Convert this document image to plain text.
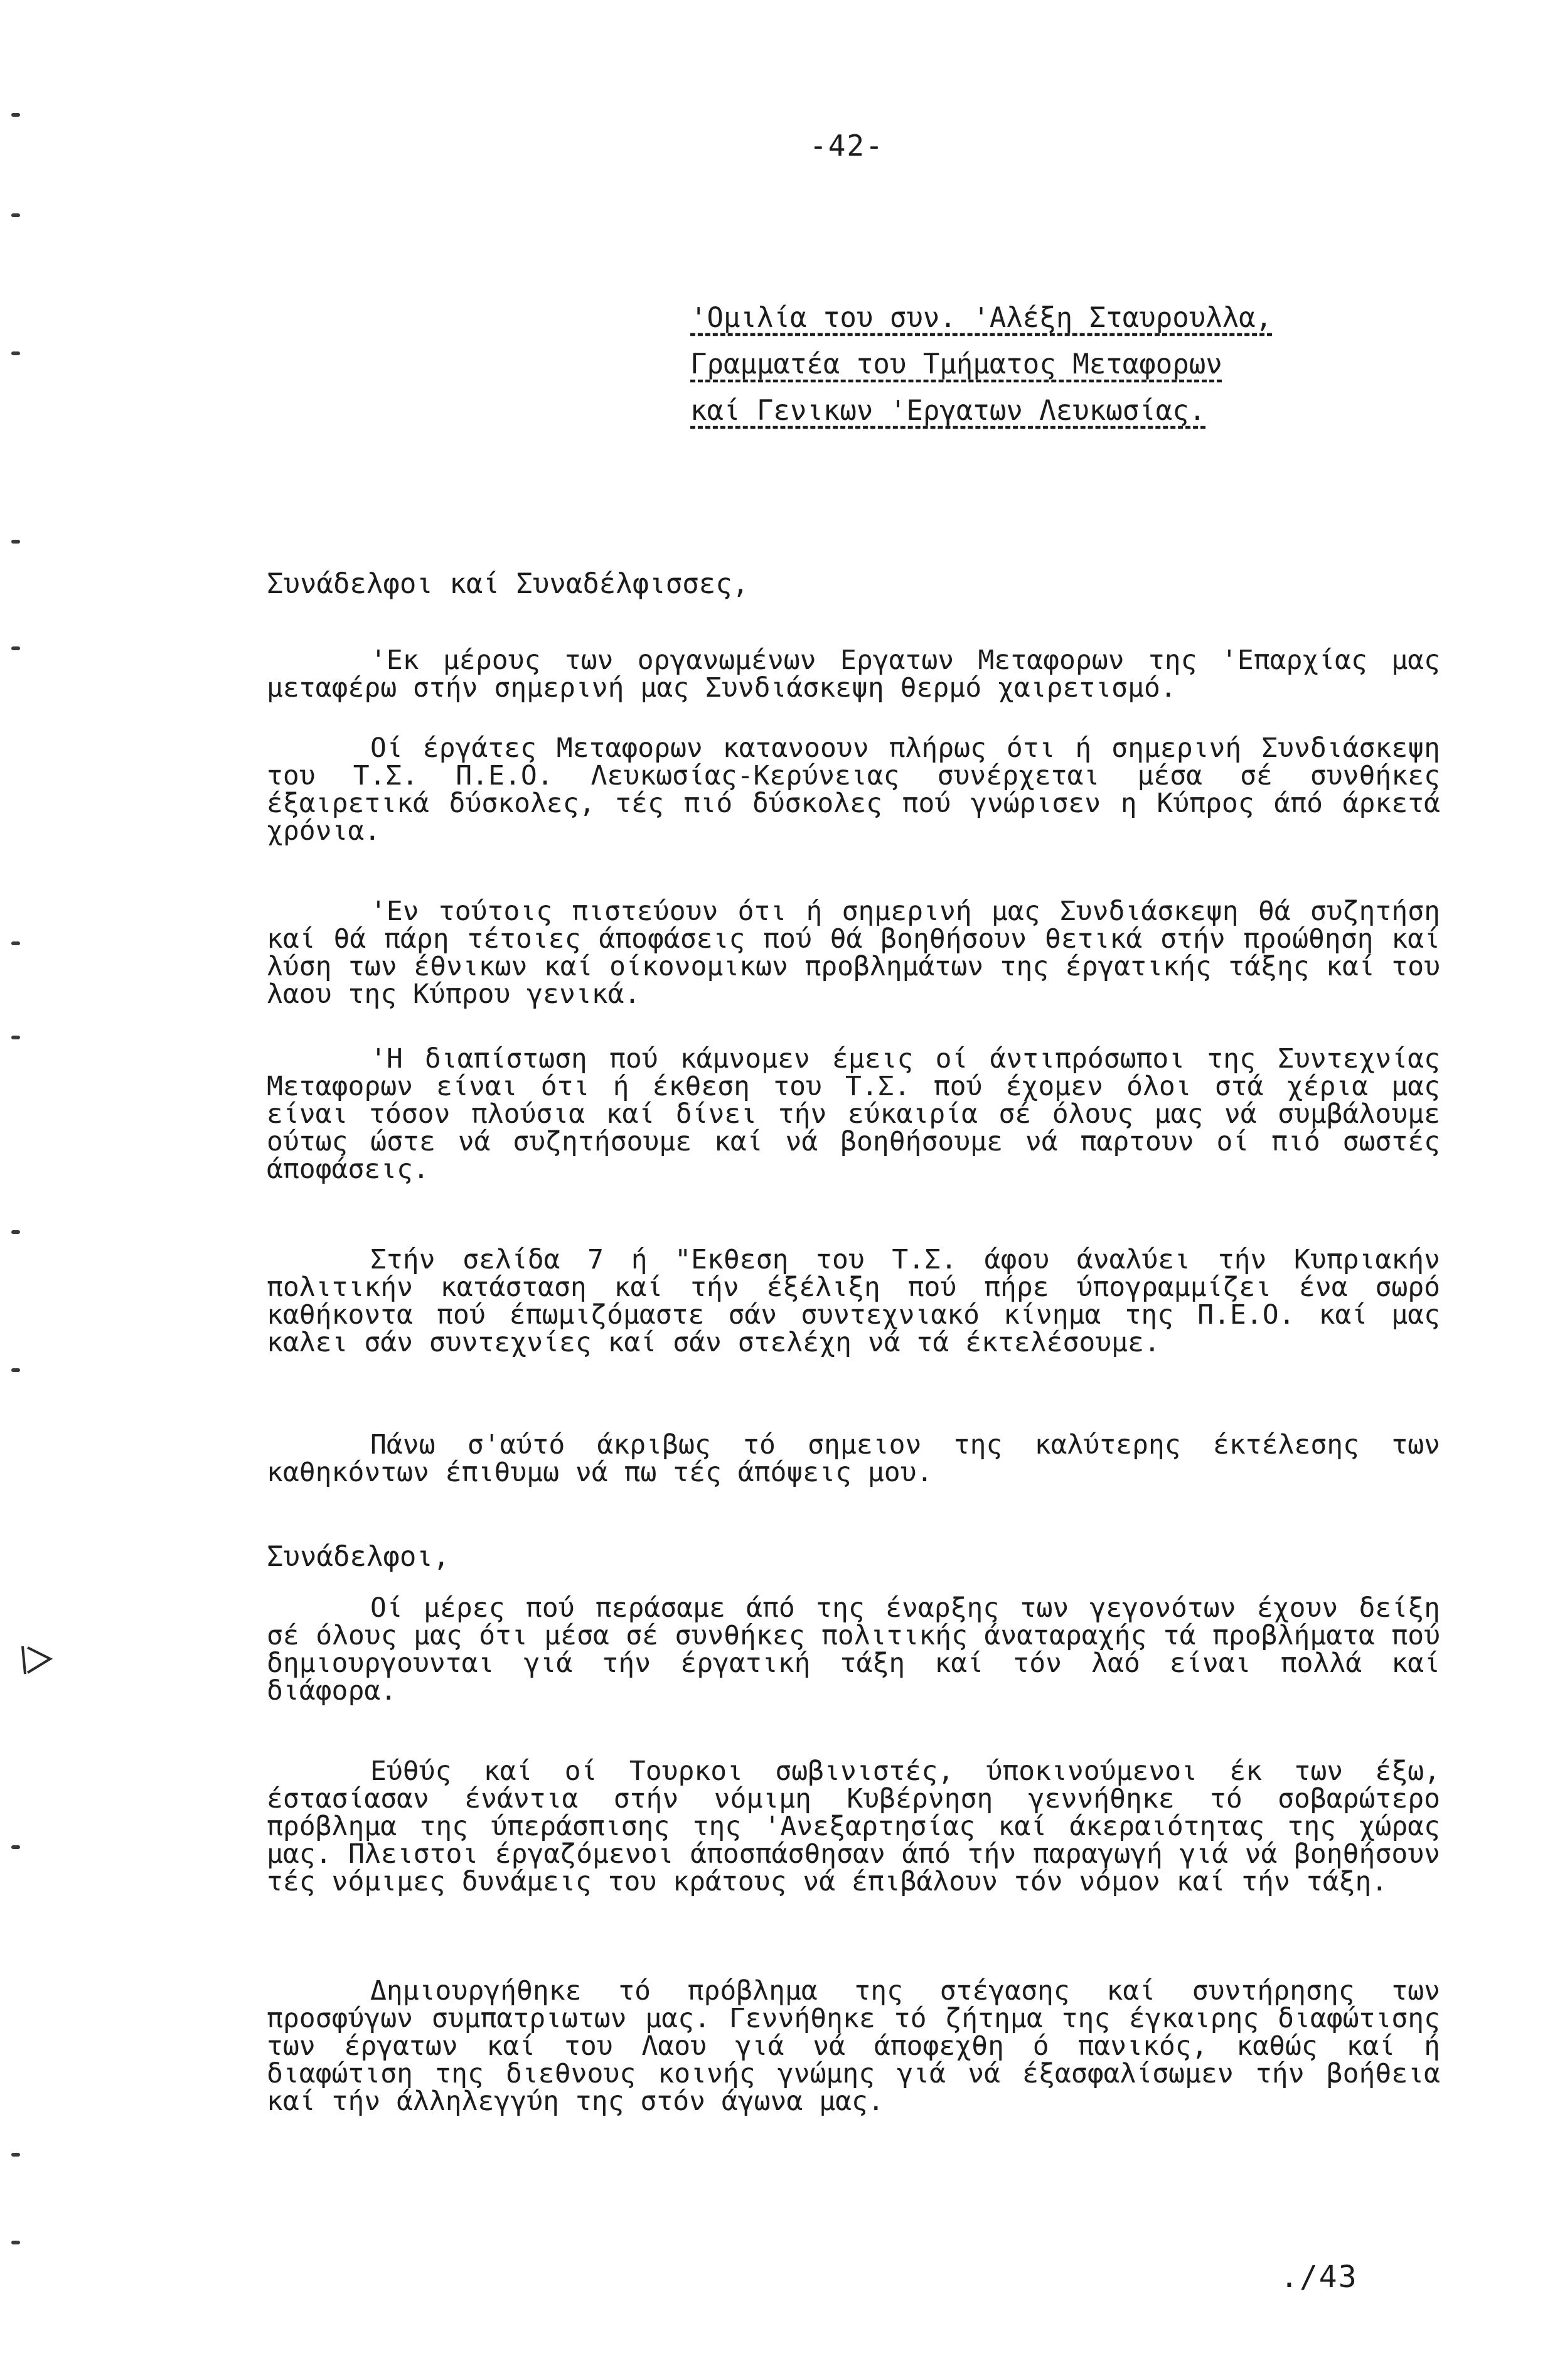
-42-
'Ομιλία του συν. 'Αλέξη Σταυρουλλα,
Γραμματέα του Τμήματος Μεταφορων
καί Γενικων 'Εργατων Λευκωσίας.
Συνάδελφοι καί Συναδέλφισσες,

'Εκ μέρους των οργανωμένων Εργατων Μεταφορων της 'Επαρχίας μας μεταφέρω στήν σημερινή μας Συνδιάσκεψη θερμό χαιρετισμό.

Οί έργάτες Μεταφορων κατανοουν πλήρως ότι ή σημερινή Συνδιάσκεψη του Τ.Σ. Π.Ε.Ο. Λευκωσίας-Κερύνειας συνέρχεται μέσα σέ συνθήκες έξαιρετικά δύσκολες, τές πιό δύσκολες πού γνώρισεν η Κύπρος άπό άρκετά χρόνια.

'Εν τούτοις πιστεύουν ότι ή σημερινή μας Συνδιάσκεψη θά συζητήση καί θά πάρη τέτοιες άποφάσεις πού θά βοηθήσουν θετικά στήν προώθηση καί λύση των έθνικων καί οίκονομικων προβλημάτων της έργατικής τάξης καί του λαου της Κύπρου γενικά.

'Η διαπίστωση πού κάμνομεν έμεις οί άντιπρόσωποι της Συντεχνίας Μεταφορων είναι ότι ή έκθεση του Τ.Σ. πού έχομεν όλοι στά χέρια μας είναι τόσον πλούσια καί δίνει τήν εύκαιρία σέ όλους μας νά συμβάλουμε ούτως ώστε νά συζητήσουμε καί νά βοηθήσουμε νά παρτουν οί πιό σωστές άποφάσεις.

Στήν σελίδα 7 ή "Εκθεση του Τ.Σ. άφου άναλύει τήν Κυπριακήν πολιτικήν κατάσταση καί τήν έξέλιξη πού πήρε ύπογραμμίζει ένα σωρό καθήκοντα πού έπωμιζόμαστε σάν συντεχνιακό κίνημα της Π.Ε.Ο. καί μας καλει σάν συντεχνίες καί σάν στελέχη νά τά έκτελέσουμε.

Πάνω σ'αύτό άκριβως τό σημειον της καλύτερης έκτέλεσης των καθηκόντων έπιθυμω νά πω τές άπόψεις μου.

Συνάδελφοι,

Οί μέρες πού περάσαμε άπό της έναρξης των γεγονότων έχουν δείξη σέ όλους μας ότι μέσα σέ συνθήκες πολιτικής άναταραχής τά προβλήματα πού δημιουργουνται γιά τήν έργατική τάξη καί τόν λαό είναι πολλά καί διάφορα.

Εύθύς καί οί Τουρκοι σωβινιστές, ύποκινούμενοι έκ των έξω, έστασίασαν ένάντια στήν νόμιμη Κυβέρνηση γεννήθηκε τό σοβαρώτερο πρόβλημα της ύπεράσπισης της 'Ανεξαρτησίας καί άκεραιότητας της χώρας μας. Πλειστοι έργαζόμενοι άποσπάσθησαν άπό τήν παραγωγή γιά νά βοηθήσουν τές νόμιμες δυνάμεις του κράτους νά έπιβάλουν τόν νόμον καί τήν τάξη.

Δημιουργήθηκε τό πρόβλημα της στέγασης καί συντήρησης των προσφύγων συμπατριωτων μας. Γεννήθηκε τό ζήτημα της έγκαιρης διαφώτισης των έργατων καί του Λαου γιά νά άποφεχθη ό πανικός, καθώς καί ή διαφώτιση της διεθνους κοινής γνώμης γιά νά έξασφαλίσωμεν τήν βοήθεια καί τήν άλληλεγγύη της στόν άγωνα μας.

./43
